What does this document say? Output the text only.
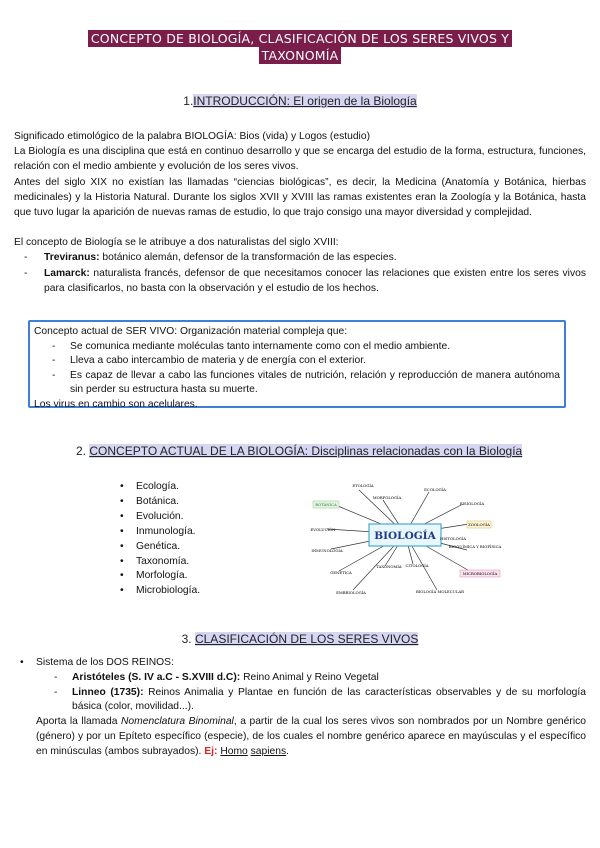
CONCEPTO DE BIOLOGÍA, CLASIFICACIÓN DE LOS SERES VIVOS Y
TAXONOMÍA
1.INTRODUCCIÓN: El origen de la Biología

Significado etimológico de la palabra BIOLOGÍA: Bios (vida) y Logos (estudio)

La Biología es una disciplina que está en continuo desarrollo y que se encarga del estudio de la forma, estructura, funciones, relación con el medio ambiente y evolución de los seres vivos.

Antes del siglo XIX no existían las llamadas “ciencias biológicas”, es decir, la Medicina (Anatomía y Botánica, hierbas medicinales) y la Historia Natural. Durante los siglos XVII y XVIII las ramas existentes eran la Zoología y la Botánica, hasta que tuvo lugar la aparición de nuevas ramas de estudio, lo que trajo consigo una mayor diversidad y complejidad.

El concepto de Biología se le atribuye a dos naturalistas del siglo XVIII:

- Treviranus: botánico alemán, defensor de la transformación de las especies.
- Lamarck: naturalista francés, defensor de que necesitamos conocer las relaciones que existen entre los seres vivos para clasificarlos, no basta con la observación y el estudio de los hechos.
Concepto actual de SER VIVO: Organización material compleja que:
- Se comunica mediante moléculas tanto internamente como con el medio ambiente.
- Lleva a cabo intercambio de materia y de energía con el exterior.
- Es capaz de llevar a cabo las funciones vitales de nutrición, relación y reproducción de manera autónoma sin perder su estructura hasta su muerte.
Los virus en cambio son acelulares.
2. CONCEPTO ACTUAL DE LA BIOLOGÍA: Disciplinas relacionadas con la Biología
• Ecología.
• Botánica.
• Evolución.
• Inmunología.
• Genética.
• Taxonomía.
• Morfología.
• Microbiología.
BIOLOGÍA
ETOLOGÍA
MORFOLOGÍA
ECOLOGÍA
BOTÁNICA	FISIOLOGÍA
ZOOLOGÍA
EVOLUCIÓN
INMUNOLOGÍA
BIOQUÍMICA Y BIOFÍSICA
GENÉTICA	MICROBIOLOGÍA
TAXONOMÍA
BIOLOGÍA MOLECULAR
EMBRIOLOGÍA
CITOLOGÍA
HISTOLOGÍA
3. CLASIFICACIÓN DE LOS SERES VIVOS
• Sistema de los DOS REINOS:
- Aristóteles (S. IV a.C - S.XVIII d.C): Reino Animal y Reino Vegetal
- Linneo (1735): Reinos Animalia y Plantae en función de las características observables y de su morfología básica (color, movilidad...).
Aporta la llamada Nomenclatura Binominal, a partir de la cual los seres vivos son nombrados por un Nombre genérico (género) y por un Epíteto específico (especie), de los cuales el nombre genérico aparece en mayúsculas y el específico en minúsculas (ambos subrayados). Ej: Homo sapiens.
